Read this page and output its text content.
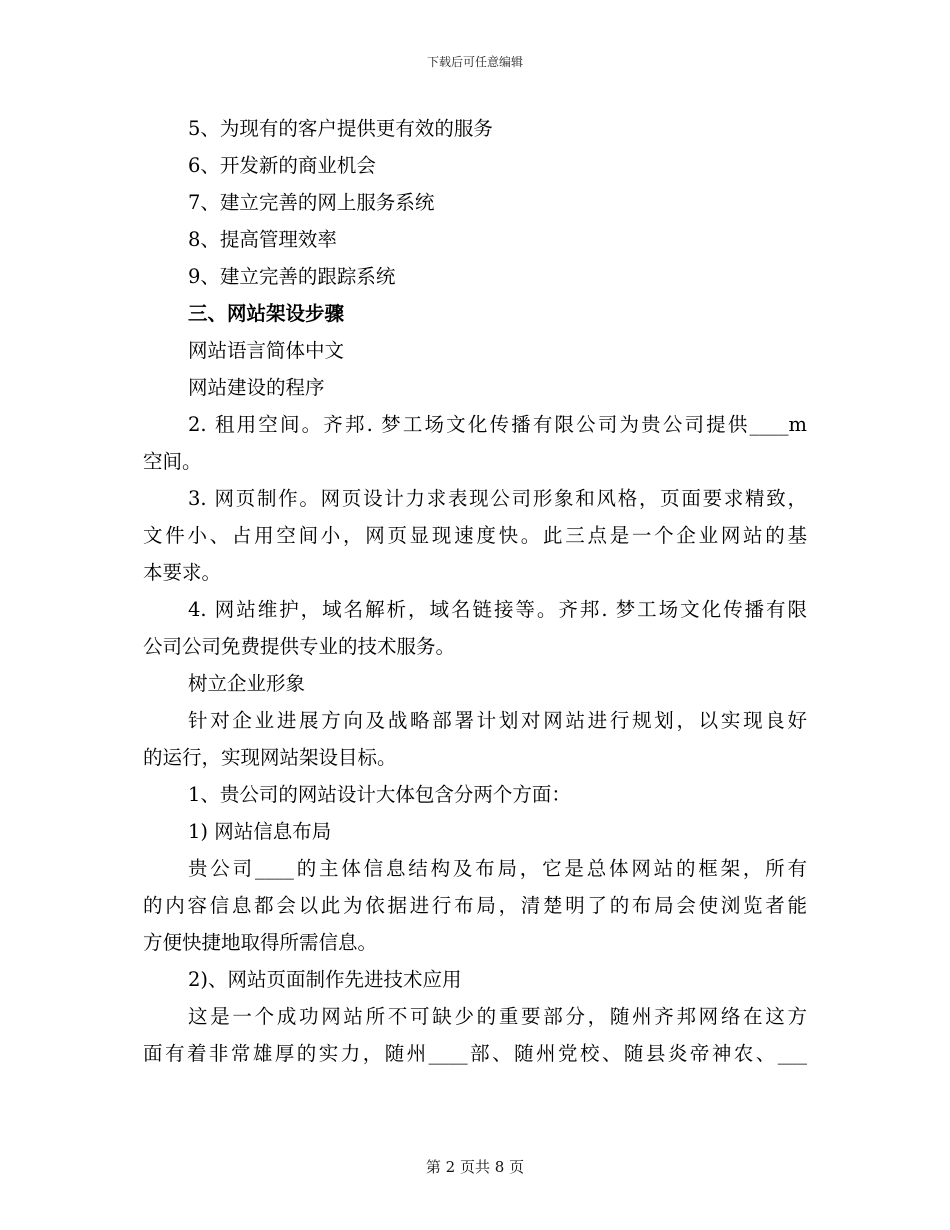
下载后可任意编辑
5、为现有的客户提供更有效的服务
6、开发新的商业机会
7、建立完善的网上服务系统
8、提高管理效率
9、建立完善的跟踪系统
三、网站架设步骤
网站语言简体中文
网站建设的程序
2. 租用空间。齐邦. 梦工场文化传播有限公司为贵公司提供____m
空间。
3. 网页制作。网页设计力求表现公司形象和风格，页面要求精致，
文件小、占用空间小，网页显现速度快。此三点是一个企业网站的基
本要求。
4. 网站维护，域名解析，域名链接等。齐邦. 梦工场文化传播有限
公司公司免费提供专业的技术服务。
树立企业形象
针对企业进展方向及战略部署计划对网站进行规划，以实现良好
的运行，实现网站架设目标。
1、贵公司的网站设计大体包含分两个方面：
1) 网站信息布局
贵公司____的主体信息结构及布局，它是总体网站的框架，所有
的内容信息都会以此为依据进行布局，清楚明了的布局会使浏览者能
方便快捷地取得所需信息。
2)、网站页面制作先进技术应用
这是一个成功网站所不可缺少的重要部分，随州齐邦网络在这方
面有着非常雄厚的实力，随州____部、随州党校、随县炎帝神农、___
第 2 页共 8 页
